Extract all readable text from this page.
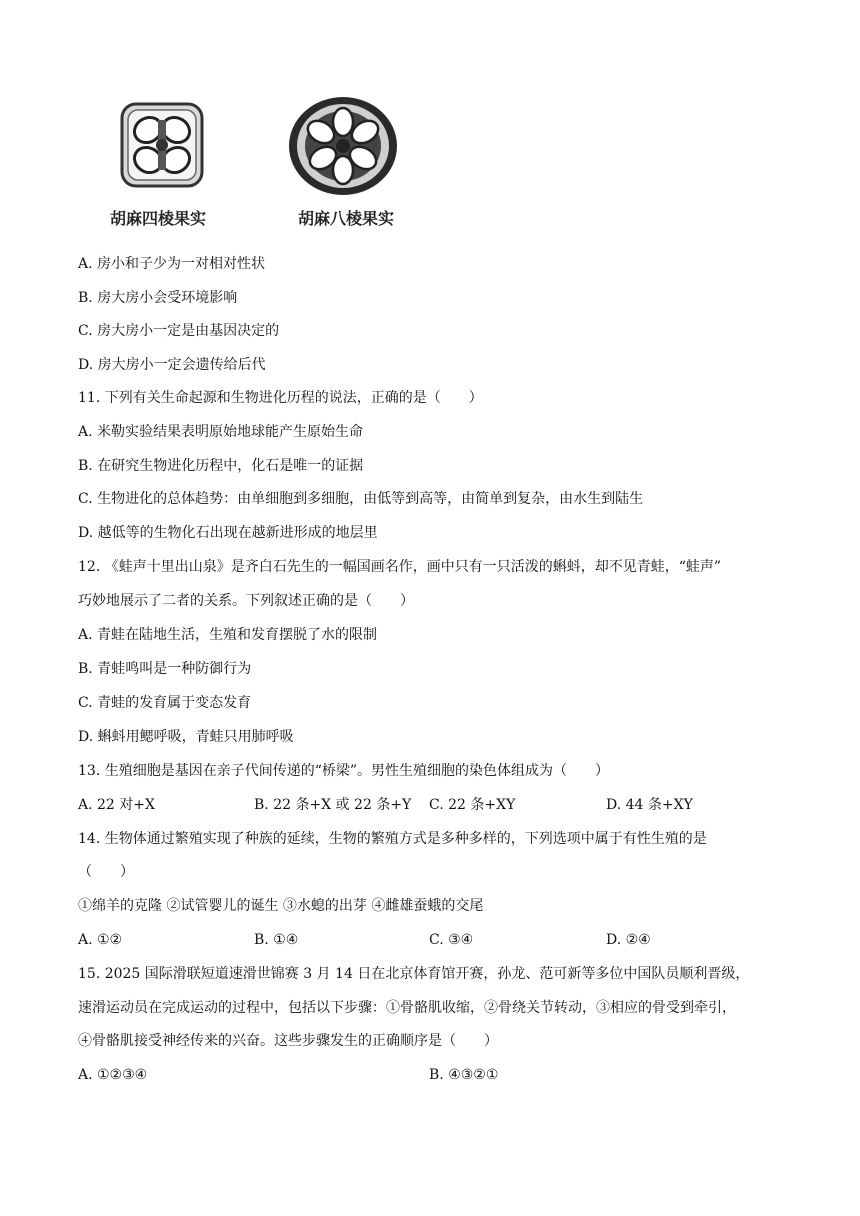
胡麻四棱果实	胡麻八棱果实
A. 房小和子少为一对相对性状
B. 房大房小会受环境影响
C. 房大房小一定是由基因决定的
D. 房大房小一定会遗传给后代
11. 下列有关生命起源和生物进化历程的说法，正确的是（　　）
A. 米勒实验结果表明原始地球能产生原始生命
B. 在研究生物进化历程中，化石是唯一的证据
C. 生物进化的总体趋势：由单细胞到多细胞，由低等到高等，由简单到复杂，由水生到陆生
D. 越低等的生物化石出现在越新进形成的地层里
12. 《蛙声十里出山泉》是齐白石先生的一幅国画名作，画中只有一只活泼的蝌蚪，却不见青蛙，“蛙声”
巧妙地展示了二者的关系。下列叙述正确的是（　　）
A. 青蛙在陆地生活，生殖和发育摆脱了水的限制
B. 青蛙鸣叫是一种防御行为
C. 青蛙的发育属于变态发育
D. 蝌蚪用鳃呼吸，青蛙只用肺呼吸
13. 生殖细胞是基因在亲子代间传递的“桥梁”。男性生殖细胞的染色体组成为（　　）
A. 22 对+X	B. 22 条+X 或 22 条+Y C. 22 条+XY	D. 44 条+XY
14. 生物体通过繁殖实现了种族的延续，生物的繁殖方式是多种多样的，下列选项中属于有性生殖的是
（　　）
①绵羊的克隆 ②试管婴儿的诞生 ③水螅的出芽 ④雌雄蚕蛾的交尾
A. ①②	B. ①④	C. ③④	D. ②④
15. 2025 国际滑联短道速滑世锦赛 3 月 14 日在北京体育馆开赛，孙龙、范可新等多位中国队员顺利晋级，
速滑运动员在完成运动的过程中，包括以下步骤：①骨骼肌收缩，②骨绕关节转动，③相应的骨受到牵引，
④骨骼肌接受神经传来的兴奋。这些步骤发生的正确顺序是（　　）
A. ①②③④	B. ④③②①
